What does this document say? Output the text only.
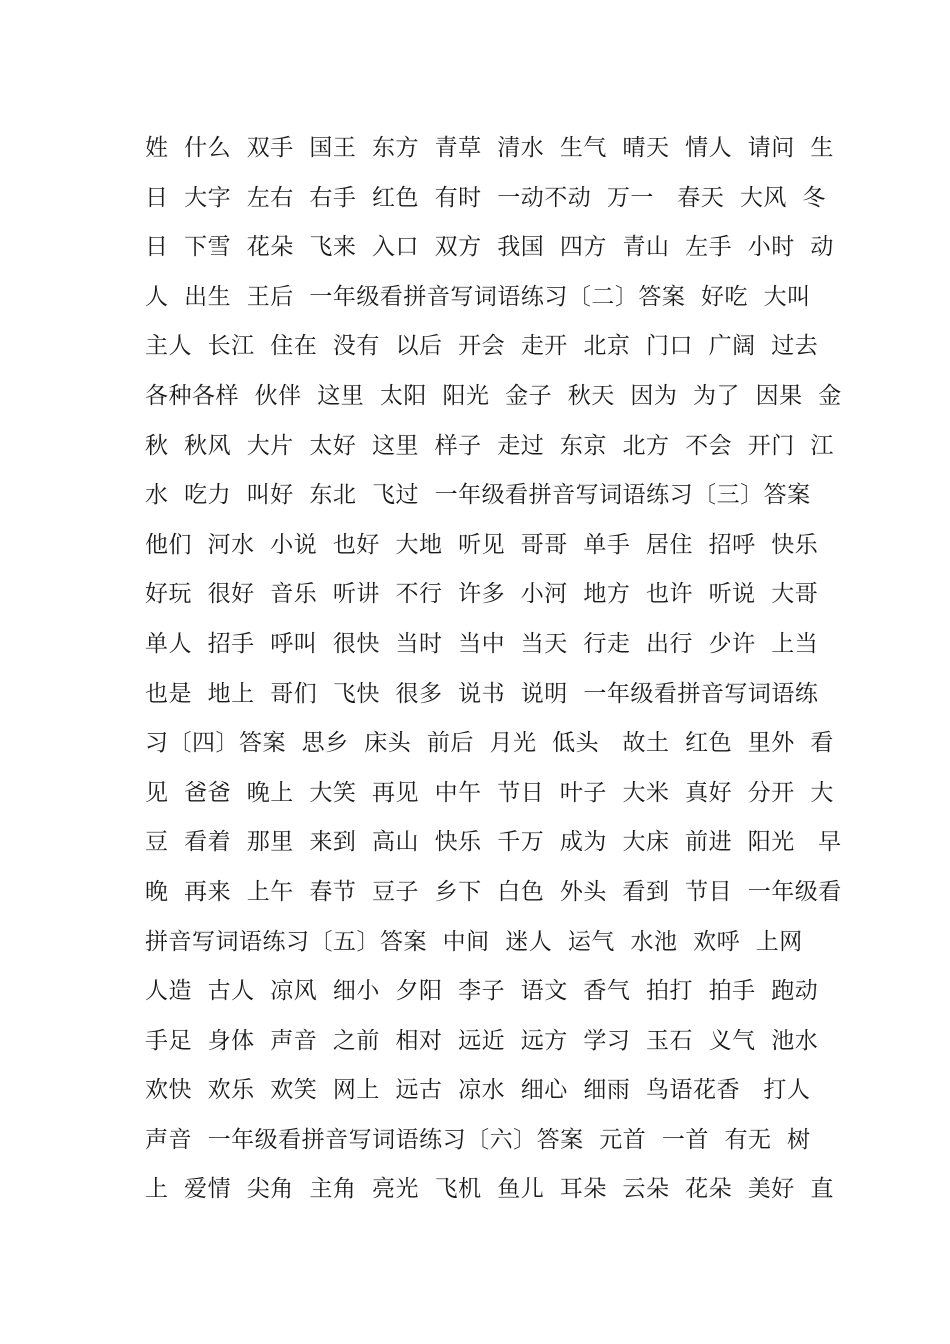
姓  什么  双手  国王  东方  青草  清水  生气  晴天  情人  请问  生
日  大字  左右  右手  红色  有时  一动不动  万一   春天  大风  冬
日  下雪  花朵  飞来  入口  双方  我国  四方  青山  左手  小时  动
人  出生  王后  一年级看拼音写词语练习〔二〕答案  好吃  大叫
主人  长江  住在  没有  以后  开会  走开  北京  门口  广阔  过去
各种各样  伙伴  这里  太阳  阳光  金子  秋天  因为  为了  因果  金
秋  秋风  大片  太好  这里  样子  走过  东京  北方  不会  开门  江
水  吃力  叫好  东北  飞过  一年级看拼音写词语练习〔三〕答案
他们  河水  小说  也好  大地  听见  哥哥  单手  居住  招呼  快乐
好玩  很好  音乐  听讲  不行  许多  小河  地方  也许  听说  大哥
单人  招手  呼叫  很快  当时  当中  当天  行走  出行  少许  上当
也是  地上  哥们  飞快  很多  说书  说明  一年级看拼音写词语练
习〔四〕答案  思乡  床头  前后  月光  低头   故土  红色  里外  看
见  爸爸  晚上  大笑  再见  中午  节日  叶子  大米  真好  分开  大
豆  看着  那里  来到  高山  快乐  千万  成为  大床  前进  阳光   早
晚  再来  上午  春节  豆子  乡下  白色  外头  看到  节目  一年级看
拼音写词语练习〔五〕答案  中间  迷人  运气  水池  欢呼  上网
人造  古人  凉风  细小  夕阳  李子  语文  香气  拍打  拍手  跑动
手足  身体  声音  之前  相对  远近  远方  学习  玉石  义气  池水
欢快  欢乐  欢笑  网上  远古  凉水  细心  细雨  鸟语花香   打人
声音  一年级看拼音写词语练习〔六〕答案  元首  一首  有无  树
上  爱情  尖角  主角  亮光  飞机  鱼儿  耳朵  云朵  花朵  美好  直
